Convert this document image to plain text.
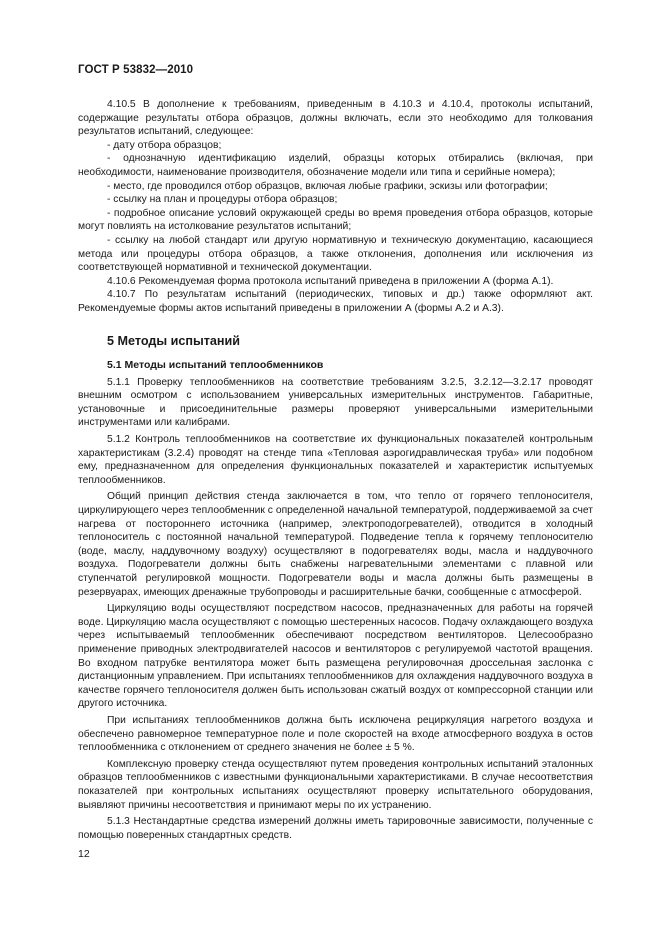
ГОСТ Р 53832—2010

4.10.5 В дополнение к требованиям, приведенным в 4.10.3 и 4.10.4, протоколы испытаний, содержащие результаты отбора образцов, должны включать, если это необходимо для толкования результатов испытаний, следующее:

- дату отбора образцов;

- однозначную идентификацию изделий, образцы которых отбирались (включая, при необходимости, наименование производителя, обозначение модели или типа и серийные номера);

- место, где проводился отбор образцов, включая любые графики, эскизы или фотографии;

- ссылку на план и процедуры отбора образцов;

- подробное описание условий окружающей среды во время проведения отбора образцов, которые могут повлиять на истолкование результатов испытаний;

- ссылку на любой стандарт или другую нормативную и техническую документацию, касающиеся метода или процедуры отбора образцов, а также отклонения, дополнения или исключения из соответствующей нормативной и технической документации.

4.10.6 Рекомендуемая форма протокола испытаний приведена в приложении А (форма А.1).

4.10.7 По результатам испытаний (периодических, типовых и др.) также оформляют акт. Рекомендуемые формы актов испытаний приведены в приложении А (формы А.2 и А.3).

5 Методы испытаний
5.1 Методы испытаний теплообменников

5.1.1 Проверку теплообменников на соответствие требованиям 3.2.5, 3.2.12—3.2.17 проводят внешним осмотром с использованием универсальных измерительных инструментов. Габаритные, установочные и присоединительные размеры проверяют универсальными измерительными инструментами или калибрами.

5.1.2 Контроль теплообменников на соответствие их функциональных показателей контрольным характеристикам (3.2.4) проводят на стенде типа «Тепловая аэрогидравлическая труба» или подобном ему, предназначенном для определения функциональных показателей и характеристик испытуемых теплообменников.

Общий принцип действия стенда заключается в том, что тепло от горячего теплоносителя, циркулирующего через теплообменник с определенной начальной температурой, поддерживаемой за счет нагрева от постороннего источника (например, электроподогревателей), отводится в холодный теплоноситель с постоянной начальной температурой. Подведение тепла к горячему теплоносителю (воде, маслу, наддувочному воздуху) осуществляют в подогревателях воды, масла и наддувочного воздуха. Подогреватели должны быть снабжены нагревательными элементами с плавной или ступенчатой регулировкой мощности. Подогреватели воды и масла должны быть размещены в резервуарах, имеющих дренажные трубопроводы и расширительные бачки, сообщенные с атмосферой.

Циркуляцию воды осуществляют посредством насосов, предназначенных для работы на горячей воде. Циркуляцию масла осуществляют с помощью шестеренных насосов. Подачу охлаждающего воздуха через испытываемый теплообменник обеспечивают посредством вентиляторов. Целесообразно применение приводных электродвигателей насосов и вентиляторов с регулируемой частотой вращения. Во входном патрубке вентилятора может быть размещена регулировочная дроссельная заслонка с дистанционным управлением. При испытаниях теплообменников для охлаждения наддувочного воздуха в качестве горячего теплоносителя должен быть использован сжатый воздух от компрессорной станции или другого источника.

При испытаниях теплообменников должна быть исключена рециркуляция нагретого воздуха и обеспечено равномерное температурное поле и поле скоростей на входе атмосферного воздуха в остов теплообменника с отклонением от среднего значения не более ± 5 %.

Комплексную проверку стенда осуществляют путем проведения контрольных испытаний эталонных образцов теплообменников с известными функциональными характеристиками. В случае несоответствия показателей при контрольных испытаниях осуществляют проверку испытательного оборудования, выявляют причины несоответствия и принимают меры по их устранению.

5.1.3 Нестандартные средства измерений должны иметь тарировочные зависимости, полученные с помощью поверенных стандартных средств.

12
